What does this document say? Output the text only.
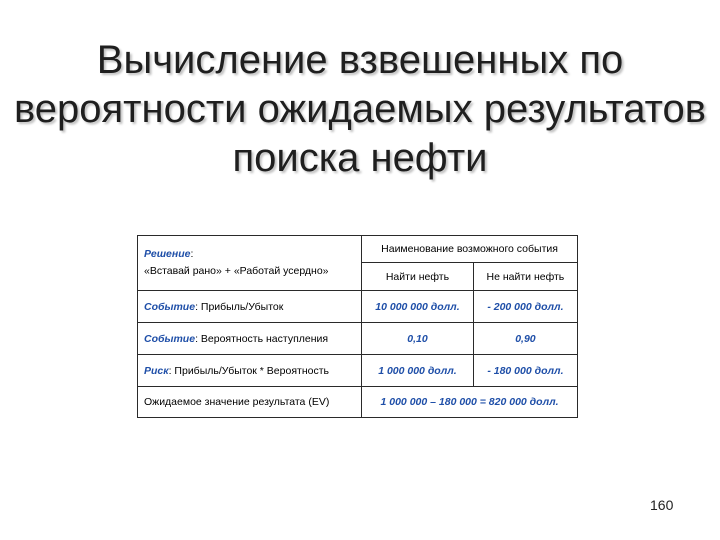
Вычисление взвешенных по
вероятности ожидаемых результатов
поиска нефти
Решение:
«Вставай рано» + «Работай усердно»	Наименование возможного события	
	Найти нефть	Не найти нефть
Событие: Прибыль/Убыток	10 000 000 долл.	- 200 000 долл.
Событие: Вероятность наступления	0,10	0,90
Риск: Прибыль/Убыток * Вероятность	1 000 000 долл.	- 180 000 долл.
Ожидаемое значение результата (EV)	1 000 000 – 180 000 = 820 000 долл.	
160
